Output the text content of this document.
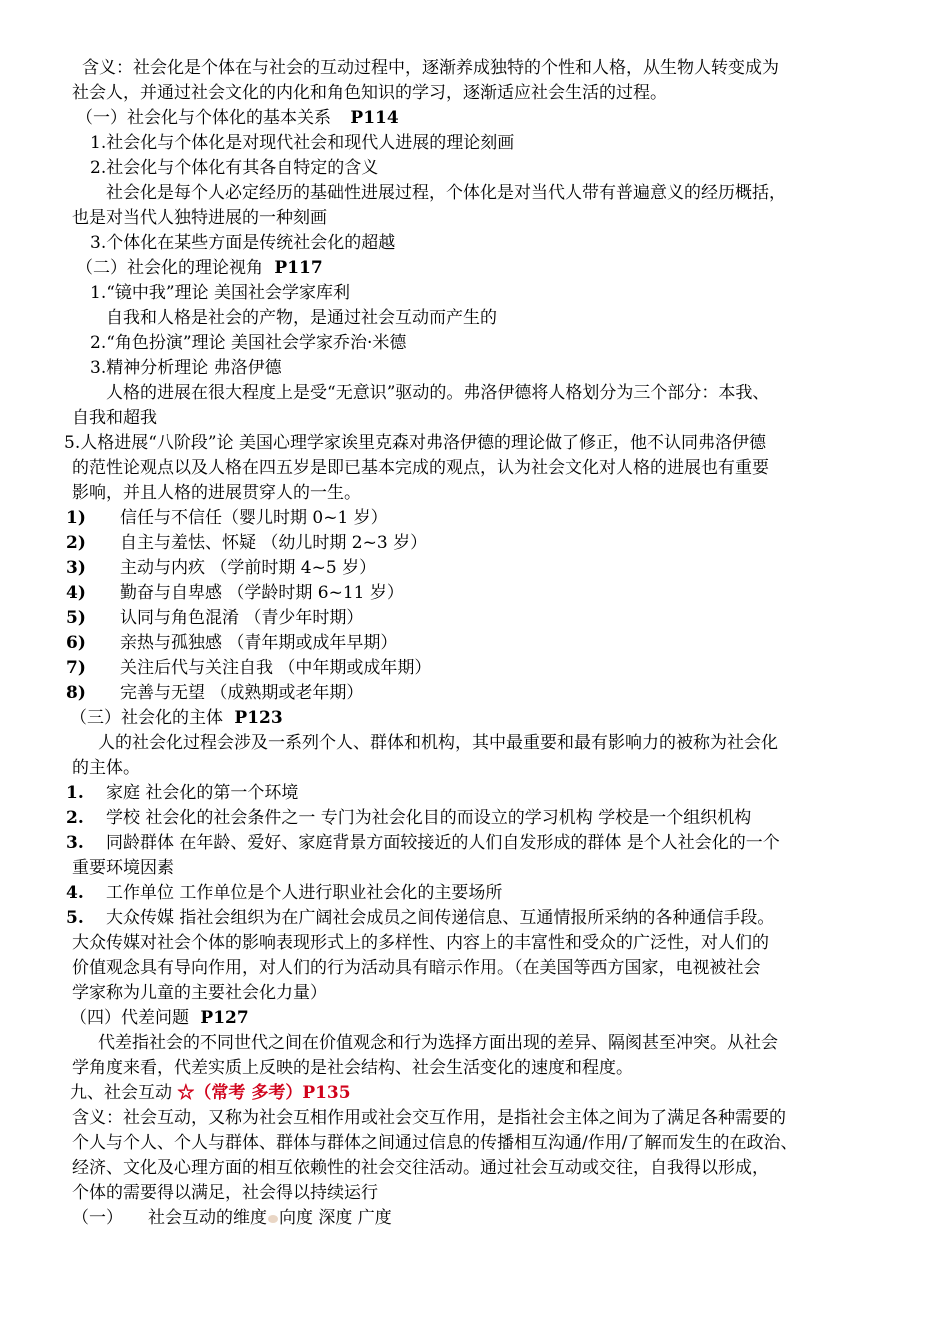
含义：社会化是个体在与社会的互动过程中，逐渐养成独特的个性和人格，从生物人转变成为
社会人，并通过社会文化的内化和角色知识的学习，逐渐适应社会生活的过程。
（一）社会化与个体化的基本关系 P114
1.社会化与个体化是对现代社会和现代人进展的理论刻画
2.社会化与个体化有其各自特定的含义
社会化是每个人必定经历的基础性进展过程，个体化是对当代人带有普遍意义的经历概括，
也是对当代人独特进展的一种刻画
3.个体化在某些方面是传统社会化的超越
（二）社会化的理论视角 P117
1.“镜中我”理论 美国社会学家库利
自我和人格是社会的产物，是通过社会互动而产生的
2.“角色扮演”理论 美国社会学家乔治·米德
3.精神分析理论 弗洛伊德
人格的进展在很大程度上是受“无意识”驱动的。弗洛伊德将人格划分为三个部分：本我、
自我和超我
5.人格进展“八阶段”论 美国心理学家诶里克森对弗洛伊德的理论做了修正，他不认同弗洛伊德
的范性论观点以及人格在四五岁是即已基本完成的观点，认为社会文化对人格的进展也有重要
影响，并且人格的进展贯穿人的一生。
1) 信任与不信任（婴儿时期 0~1 岁）
2) 自主与羞怯、怀疑 （幼儿时期 2~3 岁）
3) 主动与内疚 （学前时期 4~5 岁）
4) 勤奋与自卑感 （学龄时期 6~11 岁）
5) 认同与角色混淆 （青少年时期）
6) 亲热与孤独感 （青年期或成年早期）
7) 关注后代与关注自我 （中年期或成年期）
8) 完善与无望 （成熟期或老年期）
（三）社会化的主体 P123
人的社会化过程会涉及一系列个人、群体和机构，其中最重要和最有影响力的被称为社会化
的主体。
1. 家庭 社会化的第一个环境
2. 学校 社会化的社会条件之一 专门为社会化目的而设立的学习机构 学校是一个组织机构
3. 同龄群体 在年龄、爱好、家庭背景方面较接近的人们自发形成的群体 是个人社会化的一个
重要环境因素
4. 工作单位 工作单位是个人进行职业社会化的主要场所
5. 大众传媒 指社会组织为在广阔社会成员之间传递信息、互通情报所采纳的各种通信手段。
大众传媒对社会个体的影响表现形式上的多样性、内容上的丰富性和受众的广泛性，对人们的
价值观念具有导向作用，对人们的行为活动具有暗示作用。（在美国等西方国家，电视被社会
学家称为儿童的主要社会化力量）
（四）代差问题 P127
代差指社会的不同世代之间在价值观念和行为选择方面出现的差异、隔阂甚至冲突。从社会
学角度来看，代差实质上反映的是社会结构、社会生活变化的速度和程度。
九、社会互动 ☆（常考 多考）P135
含义：社会互动，又称为社会互相作用或社会交互作用，是指社会主体之间为了满足各种需要的
个人与个人、个人与群体、群体与群体之间通过信息的传播相互沟通/作用/了解而发生的在政治、
经济、文化及心理方面的相互依赖性的社会交往活动。通过社会互动或交往，自我得以形成，
个体的需要得以满足，社会得以持续运行
（一） 社会互动的维度 向度 深度 广度
